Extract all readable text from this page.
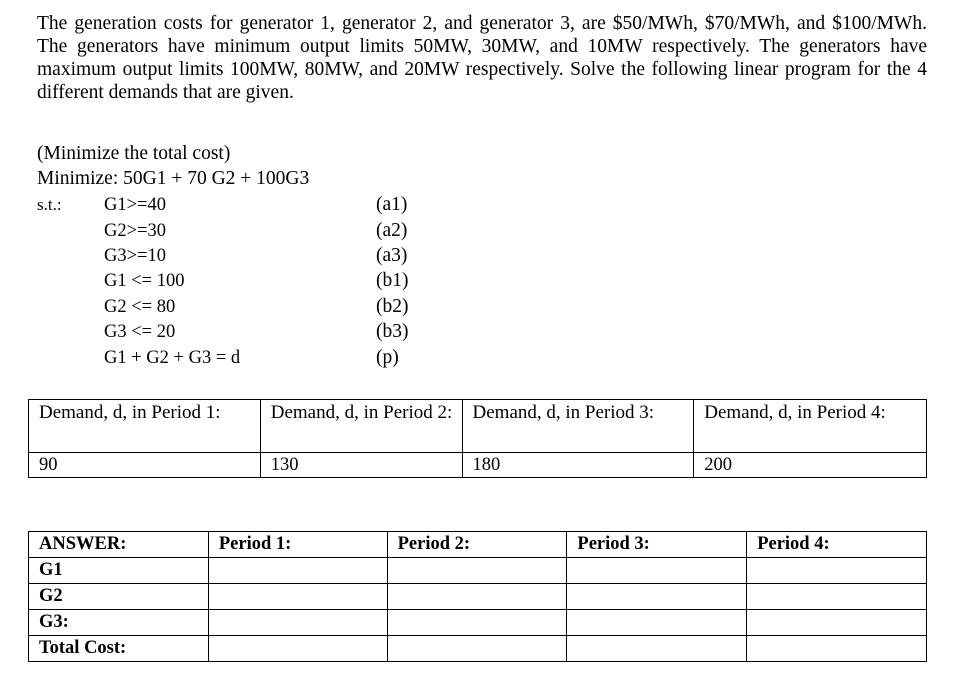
The generation costs for generator 1, generator 2, and generator 3, are $50/MWh, $70/MWh, and $100/MWh. The generators have minimum output limits 50MW, 30MW, and 10MW respectively. The generators have maximum output limits 100MW, 80MW, and 20MW respectively. Solve the following linear program for the 4 different demands that are given.

(Minimize the total cost)
Minimize: 50G1 + 70 G2 + 100G3
s.t.: G1>=40	(a1)
G2>=30	(a2)
G3>=10	(a3)
G1 <= 100	(b1)
G2 <= 80	(b2)
G3 <= 20	(b3)
G1 + G2 + G3 = d	(p)
Demand, d, in Period 1:	Demand, d, in Period 2:	Demand, d, in Period 3:	Demand, d, in Period 4:
90	130	180	200
ANSWER:	Period 1:	Period 2:	Period 3:	Period 4:
G1				
G2				
G3:				
Total Cost:				
